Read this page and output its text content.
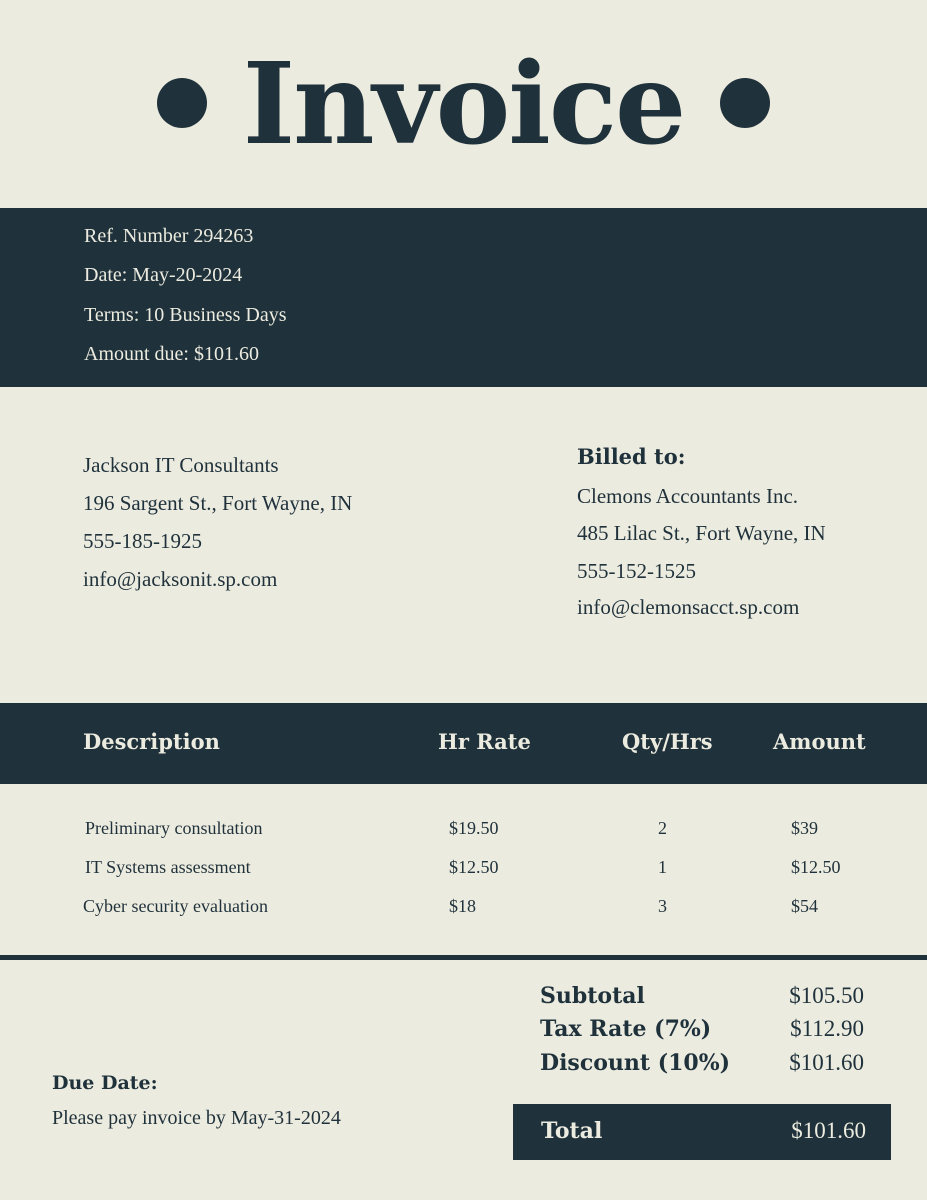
Invoice
Ref. Number 294263
Date: May-20-2024
Terms: 10 Business Days
Amount due: $101.60
Jackson IT Consultants
196 Sargent St., Fort Wayne, IN
555-185-1925
info@jacksonit.sp.com
Billed to:
Clemons Accountants Inc.
485 Lilac St., Fort Wayne, IN
555-152-1525
info@clemonsacct.sp.com
Description	Hr Rate	Qty/Hrs	Amount
Preliminary consultation	$19.50	2	$39
IT Systems assessment	$12.50	1	$12.50
Cyber security evaluation	$18	3	$54
Subtotal	$105.50
Tax Rate (7%)	$112.90
Discount (10%)	$101.60
Total	$101.60
Due Date:
Please pay invoice by May-31-2024
